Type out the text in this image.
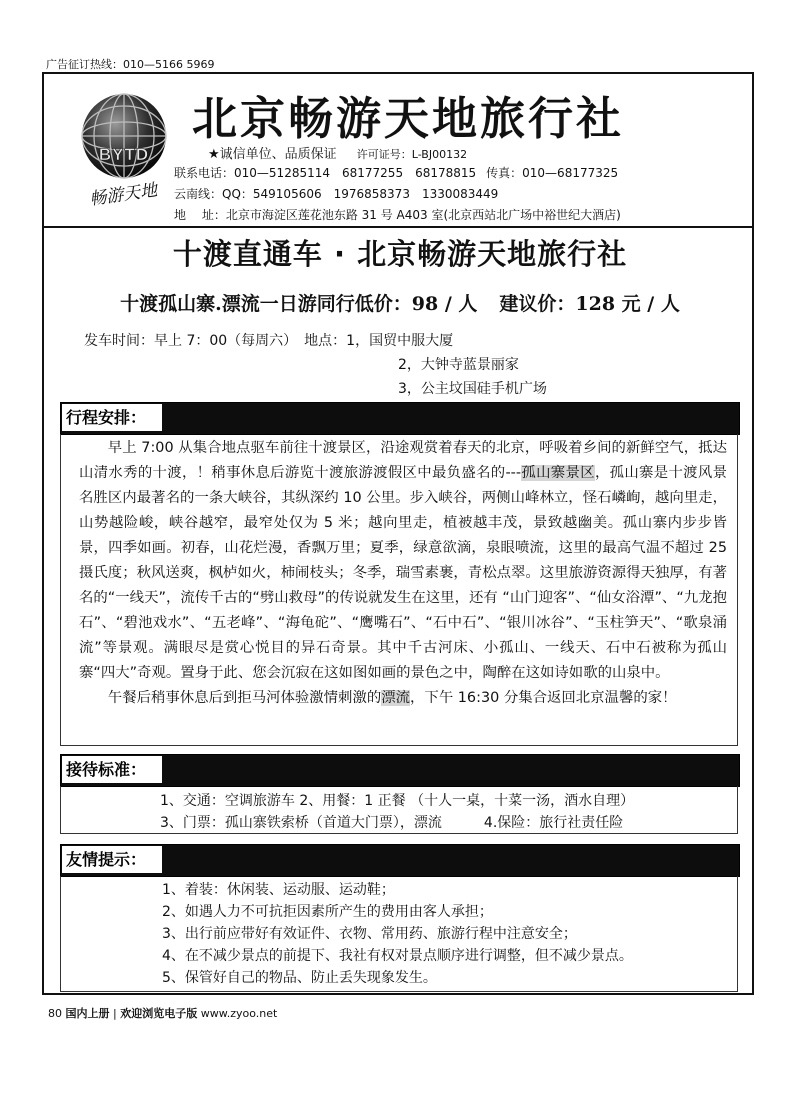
广告征订热线：010—5166 5969
BYTD
畅游天地
北京畅游天地旅行社
★诚信单位、品质保证 许可证号：L-BJ00132
联系电话：010—51285114　68177255　68178815 传真：010—68177325
云南线：QQ：549105606　1976858373　1330083449
地　 址：北京市海淀区莲花池东路 31 号 A403 室(北京西站北广场中裕世纪大酒店)
十渡直通车 · 北京畅游天地旅行社
十渡孤山寨.漂流一日游同行低价：98 / 人 建议价：128 元 / 人
发车时间：早上 7：00（每周六）　地点：1，国贸中服大厦
2，大钟寺蓝景丽家
3，公主坟国硅手机广场
行程安排：

早上 7:00 从集合地点驱车前往十渡景区，沿途观赏着春天的北京，呼吸着乡间的新鲜空气，抵达山清水秀的十渡，！稍事休息后游览十渡旅游渡假区中最负盛名的---孤山寨景区，孤山寨是十渡风景名胜区内最著名的一条大峡谷，其纵深约 10 公里。步入峡谷，两侧山峰林立，怪石嶙峋，越向里走，山势越险峻，峡谷越窄，最窄处仅为 5 米；越向里走，植被越丰茂，景致越幽美。孤山寨内步步皆景，四季如画。初春，山花烂漫，香飘万里；夏季，绿意欲滴，泉眼喷流，这里的最高气温不超过 25 摄氏度；秋风送爽，枫栌如火，柿闹枝头；冬季，瑞雪素裹，青松点翠。这里旅游资源得天独厚，有著名的“一线天”，流传千古的“劈山救母”的传说就发生在这里，还有 “山门迎客”、“仙女浴潭”、“九龙抱石”、“碧池戏水”、“五老峰”、“海龟砣”、“鹰嘴石”、“石中石”、“银川冰谷”、“玉柱笋天”、“歌泉涌流”等景观。满眼尽是赏心悦目的异石奇景。其中千古河床、小孤山、一线天、石中石被称为孤山寨“四大”奇观。置身于此、您会沉寂在这如图如画的景色之中，陶醉在这如诗如歌的山泉中。

午餐后稍事休息后到拒马河体验激情刺激的漂流，下午 16:30 分集合返回北京温馨的家！

接待标准：
1、交通：空调旅游车 2、用餐：1 正餐 （十人一桌，十菜一汤，酒水自理）
3、门票：孤山寨铁索桥（首道大门票），漂流　　　4.保险：旅行社责任险
友情提示：
1、着装：休闲装、运动服、运动鞋；
2、如遇人力不可抗拒因素所产生的费用由客人承担；
3、出行前应带好有效证件、衣物、常用药、旅游行程中注意安全；
4、在不减少景点的前提下、我社有权对景点顺序进行调整，但不减少景点。
5、保管好自己的物品、防止丢失现象发生。
80 国内上册 | 欢迎浏览电子版 www.zyoo.net
